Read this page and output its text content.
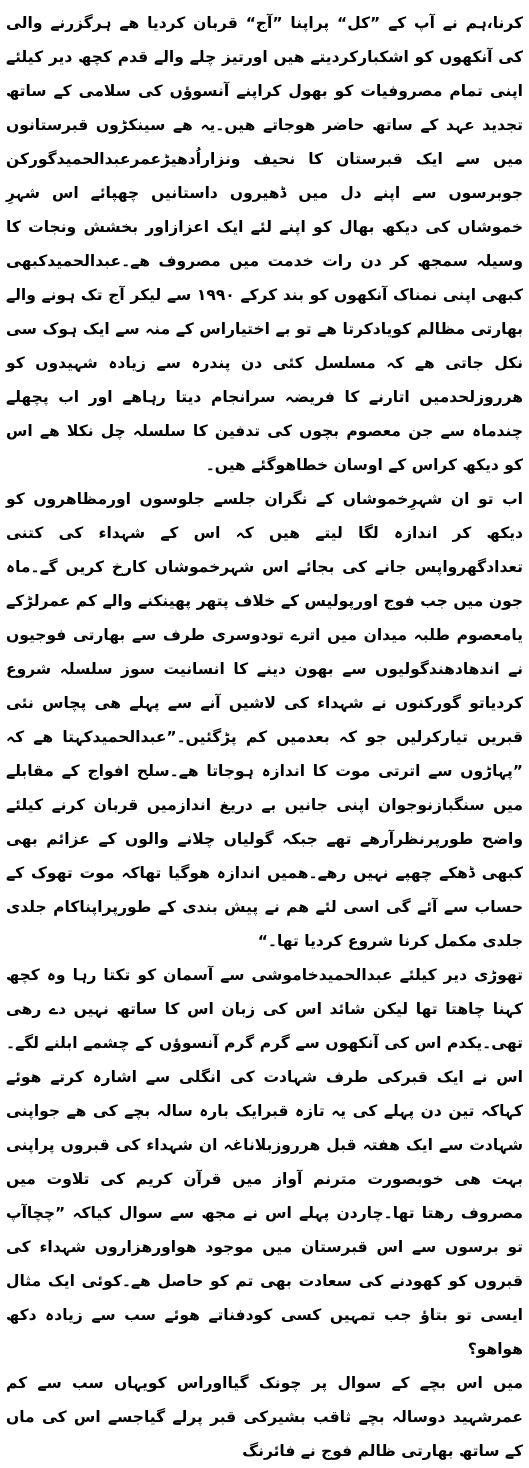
کرنا،ہم نے آپ کے ”کل“ پراپنا ”آج“ قربان کردیا ھے ہرگزرنے والی کی آنکھوں کو اشکبارکردیتے ھیں اورتیز چلے والے قدم کچھ دیر کیلئے اپنی تمام مصروفیات کو بھول کراپنے آنسوؤں کی سلامی کے ساتھ تجدید عہد کے ساتھ حاضر ھوجاتے ھیں۔یہ ھے سینکڑوں قبرستانوں میں سے ایک قبرستان کا نحیف ونزاراُدھیڑعمرعبدالحمیدگورکن جوبرسوں سے اپنے دل میں ڈھیروں داستانیں چھپائے اس شہرِ خموشاں کی دیکھ بھال کو اپنے لئے ایک اعزازاور بخشش ونجات کا وسیلہ سمجھ کر دن رات خدمت میں مصروف ھے۔عبدالحمیدکبھی کبھی اپنی نمناک آنکھوں کو بند کرکے ۱۹۹۰ سے لیکر آج تک ہونے والے بھارتی مظالم کویادکرتا ھے تو بے اختیاراس کے منہ سے ایک ہوک سی نکل جاتی ھے کہ مسلسل کئی دن پندرہ سے زیادہ شہیدوں کو ھرروزلحدمیں اتارنے کا فریضہ سرانجام دیتا رہاھے اور اب پچھلے چندماہ سے جن معصوم بچوں کی تدفین کا سلسلہ چل نکلا ھے اس کو دیکھ کراس کے اوسان خطاھوگئے ھیں۔

اب تو ان شہرِخموشاں کے نگران جلسے جلوسوں اورمظاھروں کو دیکھ کر اندازہ لگا لیتے ھیں کہ اس کے شہداء کی کتنی تعدادگھرواپس جانے کی بجائے اس شہرخموشاں کارخ کریں گے۔ماہ جون میں جب فوج اورپولیس کے خلاف پتھر پھینکنے والے کم عمرلڑکے یامعصوم طلبہ میدان میں اترے تودوسری طرف سے بھارتی فوجیوں نے اندھادھندگولیوں سے بھون دینے کا انسانیت سوز سلسلہ شروع کردیاتو گورکنوں نے شہداء کی لاشیں آنے سے پہلے ھی پچاس نئی قبریں تیارکرلیں جو کہ بعدمیں کم پڑگئیں۔”عبدالحمیدکہتا ھے کہ ”پہاڑوں سے اترتی موت کا اندازہ ہوجاتا ھے۔سلح افواج کے مقابلے میں سنگبازنوجوان اپنی جانیں بے دریغ اندازمیں قربان کرنے کیلئے واضح طورپرنظرآرھے تھے جبکہ گولیاں چلانے والوں کے عزائم بھی کبھی ڈھکے چھپے نہیں رھے۔ھمیں اندازہ ھوگیا تھاکہ موت تھوک کے حساب سے آئے گی اسی لئے ھم نے پیش بندی کے طورپراپناکام جلدی جلدی مکمل کرنا شروع کردیا تھا۔“

تھوڑی دیر کیلئے عبدالحمیدخاموشی سے آسمان کو تکتا رہا وہ کچھ کہنا چاھتا تھا لیکن شائد اس کی زبان اس کا ساتھ نہیں دے رھی تھی۔یکدم اس کی آنکھوں سے گرم گرم آنسوؤں کے چشمے ابلنے لگے۔اس نے ایک قبرکی طرف شہادت کی انگلی سے اشارہ کرتے ھوئے کہاکہ تین دن پہلے کی یہ تازہ قبرایک بارہ سالہ بچے کی ھے جواپنی شہادت سے ایک ھفتہ قبل ھرروزبلاناغہ ان شہداء کی قبروں پراپنی بہت ھی خوبصورت مترنم آواز میں قرآن کریم کی تلاوت میں مصروف رھتا تھا۔چاردن پہلے اس نے مجھ سے سوال کیاکہ ”چچاآپ تو برسوں سے اس قبرستان میں موجود ھواورھزاروں شہداء کی قبروں کو کھودنے کی سعادت بھی تم کو حاصل ھے۔کوئی ایک مثال ایسی تو بتاؤ جب تمہیں کسی کودفناتے ھوئے سب سے زیادہ دکھ ھواھو؟

میں اس بچے کے سوال پر چونک گیااوراس کویہاں سب سے کم عمرشہید دوسالہ بچے ثاقب بشیرکی قبر پرلے گیاجسے اس کی ماں کے ساتھ بھارتی ظالم فوج نے فائرنگ
